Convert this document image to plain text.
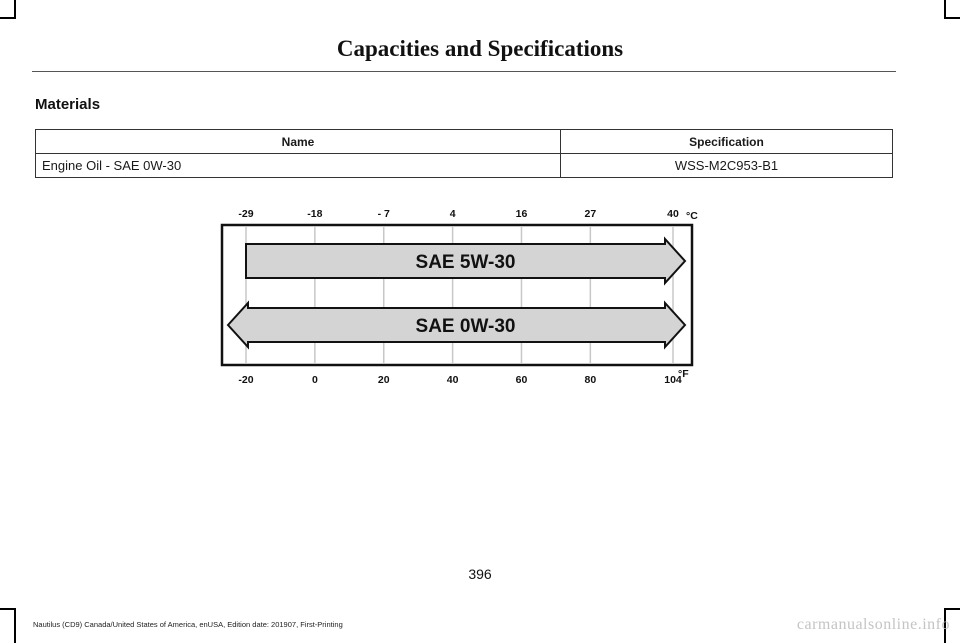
Capacities and Specifications
Materials
Name	Specification
Engine Oil - SAE 0W-30	WSS-M2C953-B1
-29
-20
-18
0
- 7
20
4
40
16
60
27
80
40
104
°C
°F
SAE 5W-30
SAE 0W-30
396
Nautilus (CD9) Canada/United States of America, enUSA, Edition date: 201907, First-Printing	carmanualsonline.info
